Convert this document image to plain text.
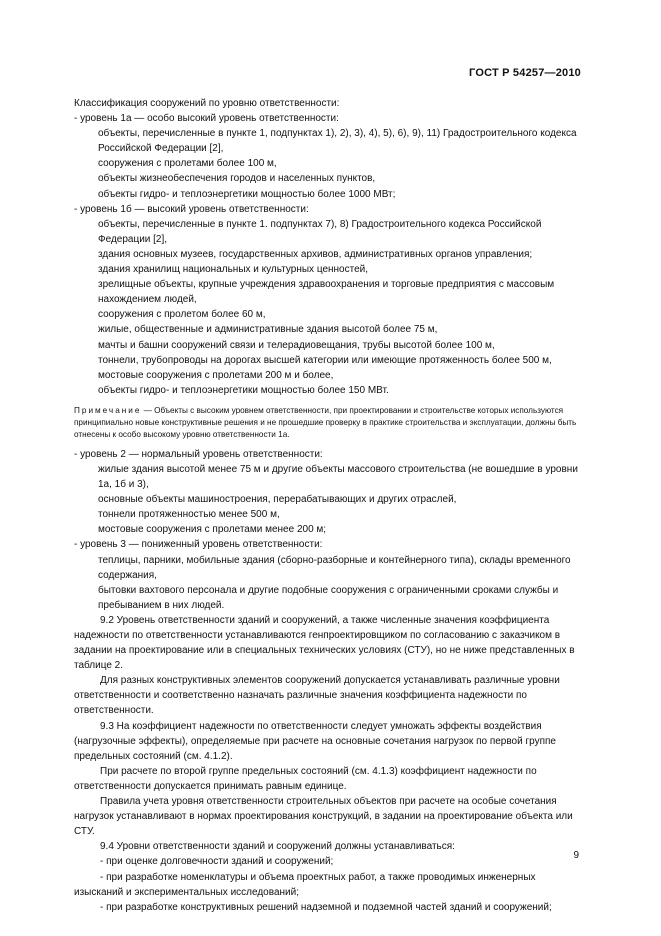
ГОСТ Р 54257—2010

Классификация сооружений по уровню ответственности:

- уровень 1а — особо высокий уровень ответственности:

объекты, перечисленные в пункте 1, подпунктах 1), 2), 3), 4), 5), 6), 9), 11) Градостроительного кодекса Российской Федерации [2],

сооружения с пролетами более 100 м,

объекты жизнеобеспечения городов и населенных пунктов,

объекты гидро- и теплоэнергетики мощностью более 1000 МВт;

- уровень 1б — высокий уровень ответственности:

объекты, перечисленные в пункте 1. подпунктах 7), 8) Градостроительного кодекса Российской Федерации [2],

здания основных музеев, государственных архивов, административных органов управления;

здания хранилищ национальных и культурных ценностей,

зрелищные объекты, крупные учреждения здравоохранения и торговые предприятия с массовым нахождением людей,

сооружения с пролетом более 60 м,

жилые, общественные и административные здания высотой более 75 м,

мачты и башни сооружений связи и телерадиовещания, трубы высотой более 100 м,

тоннели, трубопроводы на дорогах высшей категории или имеющие протяженность более 500 м,

мостовые сооружения с пролетами 200 м и более,

объекты гидро- и теплоэнергетики мощностью более 150 МВт.

Примечание — Объекты с высоким уровнем ответственности, при проектировании и строительстве которых используются принципиально новые конструктивные решения и не прошедшие проверку в практике строительства и эксплуатации, должны быть отнесены к особо высокому уровню ответственности 1а.

- уровень 2 — нормальный уровень ответственности:

жилые здания высотой менее 75 м и другие объекты массового строительства (не вошедшие в уровни 1а, 1б и 3),

основные объекты машиностроения, перерабатывающих и других отраслей,

тоннели протяженностью менее 500 м,

мостовые сооружения с пролетами менее 200 м;

- уровень 3 — пониженный уровень ответственности:

теплицы, парники, мобильные здания (сборно-разборные и контейнерного типа), склады временного содержания,

бытовки вахтового персонала и другие подобные сооружения с ограниченными сроками службы и пребыванием в них людей.

9.2 Уровень ответственности зданий и сооружений, а также численные значения коэффициента надежности по ответственности устанавливаются генпроектировщиком по согласованию с заказчиком в задании на проектирование или в специальных технических условиях (СТУ), но не ниже представленных в таблице 2.

Для разных конструктивных элементов сооружений допускается устанавливать различные уровни ответственности и соответственно назначать различные значения коэффициента надежности по ответственности.

9.3 На коэффициент надежности по ответственности следует умножать эффекты воздействия (нагрузочные эффекты), определяемые при расчете на основные сочетания нагрузок по первой группе предельных состояний (см. 4.1.2).

При расчете по второй группе предельных состояний (см. 4.1.3) коэффициент надежности по ответственности допускается принимать равным единице.

Правила учета уровня ответственности строительных объектов при расчете на особые сочетания нагрузок устанавливают в нормах проектирования конструкций, в задании на проектирование объекта или СТУ.

9.4 Уровни ответственности зданий и сооружений должны устанавливаться:

- при оценке долговечности зданий и сооружений;

- при разработке номенклатуры и объема проектных работ, а также проводимых инженерных изысканий и экспериментальных исследований;

- при разработке конструктивных решений надземной и подземной частей зданий и сооружений;

9
